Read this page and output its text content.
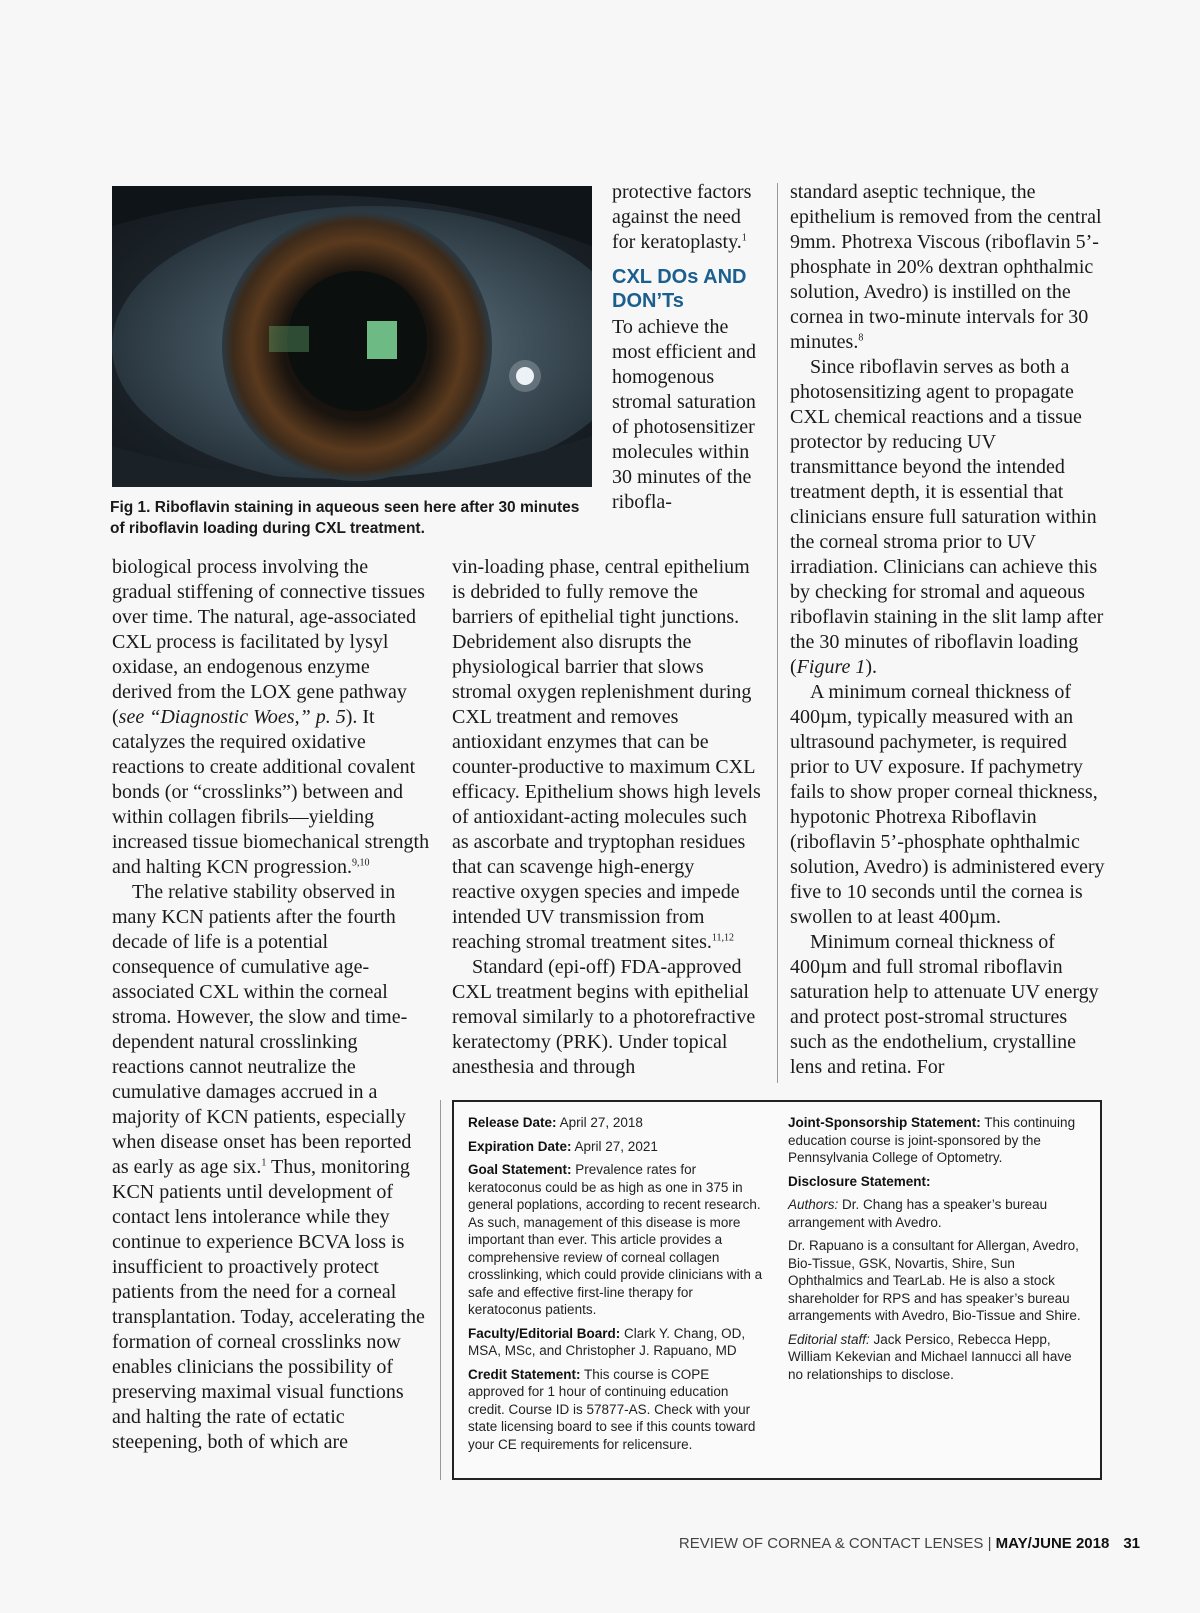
Fig 1. Riboflavin staining in aqueous seen here after 30 minutes of riboflavin loading during CXL treatment.

protective factors against the need for keratoplasty.$^1$

CXL DOs AND DON’Ts

To achieve the most efficient and homogenous stromal saturation of photosensitizer molecules within 30 minutes of the ribofla-

biological process involving the gradual stiffening of connective tissues over time. The natural, age-associated CXL process is facilitated by lysyl oxidase, an endogenous enzyme derived from the LOX gene pathway (see “Diagnostic Woes,” p. 5). It catalyzes the required oxidative reactions to create additional covalent bonds (or “crosslinks”) between and within collagen fibrils—yielding increased tissue biomechanical strength and halting KCN progression.$^{9,10}$

The relative stability observed in many KCN patients after the fourth decade of life is a potential consequence of cumulative age-associated CXL within the corneal stroma. However, the slow and time-dependent natural crosslinking reactions cannot neutralize the cumulative damages accrued in a majority of KCN patients, especially when disease onset has been reported as early as age six.$^1$ Thus, monitoring KCN patients until development of contact lens intolerance while they continue to experience BCVA loss is insufficient to proactively protect patients from the need for a corneal transplantation. Today, accelerating the formation of corneal crosslinks now enables clinicians the possibility of preserving maximal visual functions and halting the rate of ectatic steepening, both of which are

vin-loading phase, central epithelium is debrided to fully remove the barriers of epithelial tight junctions. Debridement also disrupts the physiological barrier that slows stromal oxygen replenishment during CXL treatment and removes antioxidant enzymes that can be counter-productive to maximum CXL efficacy. Epithelium shows high levels of antioxidant-acting molecules such as ascorbate and tryptophan residues that can scavenge high-energy reactive oxygen species and impede intended UV transmission from reaching stromal treatment sites.$^{11,12}$

Standard (epi-off) FDA-approved CXL treatment begins with epithelial removal similarly to a photorefractive keratectomy (PRK). Under topical anesthesia and through

standard aseptic technique, the epithelium is removed from the central 9mm. Photrexa Viscous (riboflavin 5’-phosphate in 20% dextran ophthalmic solution, Avedro) is instilled on the cornea in two-minute intervals for 30 minutes.$^8$

Since riboflavin serves as both a photosensitizing agent to propagate CXL chemical reactions and a tissue protector by reducing UV transmittance beyond the intended treatment depth, it is essential that clinicians ensure full saturation within the corneal stroma prior to UV irradiation. Clinicians can achieve this by checking for stromal and aqueous riboflavin staining in the slit lamp after the 30 minutes of riboflavin loading (Figure 1).

A minimum corneal thickness of 400µm, typically measured with an ultrasound pachymeter, is required prior to UV exposure. If pachymetry fails to show proper corneal thickness, hypotonic Photrexa Riboflavin (riboflavin 5’-phosphate ophthalmic solution, Avedro) is administered every five to 10 seconds until the cornea is swollen to at least 400µm.

Minimum corneal thickness of 400µm and full stromal riboflavin saturation help to attenuate UV energy and protect post-stromal structures such as the endothelium, crystalline lens and retina. For

Release Date: April 27, 2018

Expiration Date: April 27, 2021

Goal Statement: Prevalence rates for keratoconus could be as high as one in 375 in general poplations, according to recent research. As such, management of this disease is more important than ever. This article provides a comprehensive review of corneal collagen crosslinking, which could provide clinicians with a safe and effective first-line therapy for keratoconus patients.

Faculty/Editorial Board: Clark Y. Chang, OD, MSA, MSc, and Christopher J. Rapuano, MD

Credit Statement: This course is COPE approved for 1 hour of continuing education credit. Course ID is 57877-AS. Check with your state licensing board to see if this counts toward your CE requirements for relicensure.

Joint-Sponsorship Statement: This continuing education course is joint-sponsored by the Pennsylvania College of Optometry.

Disclosure Statement:

Authors: Dr. Chang has a speaker’s bureau arrangement with Avedro.

Dr. Rapuano is a consultant for Allergan, Avedro, Bio-Tissue, GSK, Novartis, Shire, Sun Ophthalmics and TearLab. He is also a stock shareholder for RPS and has speaker’s bureau arrangements with Avedro, Bio-Tissue and Shire.

Editorial staff: Jack Persico, Rebecca Hepp, William Kekevian and Michael Iannucci all have no relationships to disclose.

REVIEW OF CORNEA & CONTACT LENSES | MAY/JUNE 2018 31
